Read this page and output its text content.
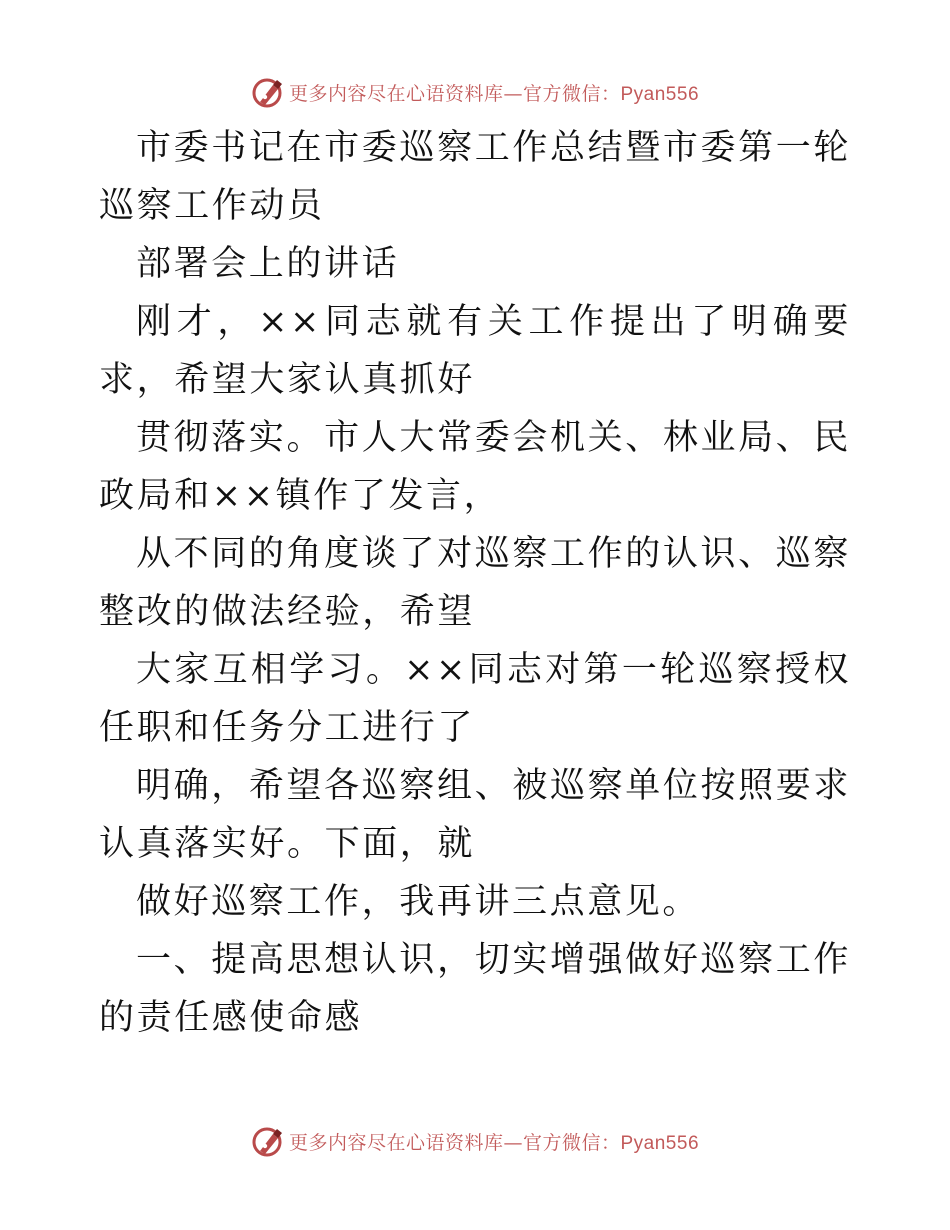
更多内容尽在心语资料库—官方微信：Pyan556

市委书记在市委巡察工作总结暨市委第一轮巡察工作动员

部署会上的讲话

刚才，××同志就有关工作提出了明确要求，希望大家认真抓好

贯彻落实。市人大常委会机关、林业局、民政局和××镇作了发言，

从不同的角度谈了对巡察工作的认识、巡察整改的做法经验，希望

大家互相学习。××同志对第一轮巡察授权任职和任务分工进行了

明确，希望各巡察组、被巡察单位按照要求认真落实好。下面，就

做好巡察工作，我再讲三点意见。

一、提高思想认识，切实增强做好巡察工作的责任感使命感

更多内容尽在心语资料库—官方微信：Pyan556
